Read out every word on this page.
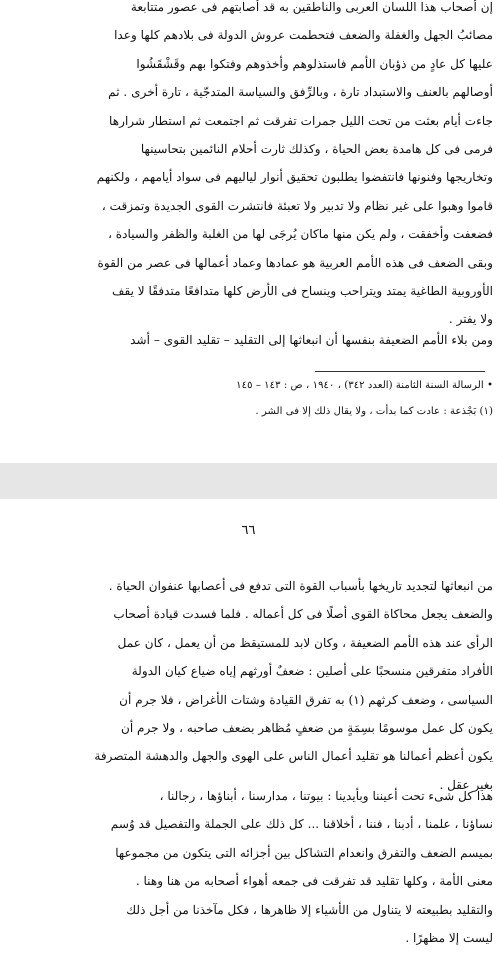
إن أصحاب هذا اللسان العربى والناطقين به قد أصابتهم فى عصور متتابعة
مصائبُ الجهل والغفلة والضعف فتحطمت عروش الدولة فى بلادهم كلها وعدا
عليها كل عادٍ من ذؤبان الأمم فاستذلوهم وأخذوهم وفتكوا بهم وقَشْقَشُوا
أوصالهم بالعنف والاستبداد تارة ، وبالرِّفق والسياسة المتدجّية ، تارة أخرى . ثم
جاءت أيام بعثت من تحت الليل جمرات تفرقت ثم اجتمعت ثم استطار شرارها
فرمى فى كل هامدة بعض الحياة ، وكذلك ثارت أحلام النائمين بتحاسينها
وتخاريجها وفنونها فانتفضوا يطلبون تحقيق أنوار لياليهم فى سواد أيامهم ، ولكنهم
قاموا وهبوا على غير نظام ولا تدبير ولا تعبئة فانتشرت القوى الجديدة وتمزقت ،
فضعفت وأخفقت ، ولم يكن منها ماكان يُرجَى لها من الغلبة والظفر والسيادة ،
وبقى الضعف فى هذه الأمم العربية هو عمادها وعماد أعمالها فى عصر من القوة
الأوروبية الطاغية يمتد ويتراحب وينساح فى الأرض كلها متدافعًا متدفقًا لا يقف
ولا يفتر .
ومن بلاء الأمم الضعيفة بنفسها أن انبعاثها إلى التقليد – تقليد القوى – أشد

• الرسالة السنة الثامنة (العدد ٣٤٢) ، ١٩٤٠ ، ص : ١٤٣ – ١٤٥

(١) بَجْذعة : عادت كما بدأت ، ولا يقال ذلك إلا فى الشر .

٦٦
من انبعاثها لتجديد تاريخها بأسباب القوة التى تدفع فى أعصابها عنفوان الحياة .
والضعف يجعل محاكاة القوى أصلًا فى كل أعماله . فلما فسدت قيادة أصحاب
الرأى عند هذه الأمم الضعيفة ، وكان لابد للمستيقظ من أن يعمل ، كان عمل
الأفراد متفرقين منسحبًا على أصلين : ضعفٌ أورثهم إياه ضياع كيان الدولة
السياسى ، وضعف كرثهم (١) به تفرق القيادة وشتات الأغراض ، فلا جرم أن
يكون كل عمل موسومًا بسِمَةٍ من ضعفٍ مُظاهر بضعف صاحبه ، ولا جرم أن
يكون أعظم أعمالنا هو تقليد أعمال الناس على الهوى والجهل والدهشة المتصرفة
بغير عقل .
هذا كل شىء تحت أعيننا وبأيدينا : بيوتنا ، مدارسنا ، أبناؤها ، رجالنا ،
نساؤنا ، علمنا ، أدبنا ، فننا ، أخلاقنا ... كل ذلك على الجملة والتفصيل قد وُسم
بميسم الضعف والتفرق وانعدام التشاكل بين أجزائه التى يتكون من مجموعها
معنى الأمة ، وكلها تقليد قد تفرقت فى جمعه أهواء أصحابه من هنا وهنا .
والتقليد بطبيعته لا يتناول من الأشياء إلا ظاهرها ، فكل مآخذنا من أجل ذلك
ليست إلا مظهرًا .
